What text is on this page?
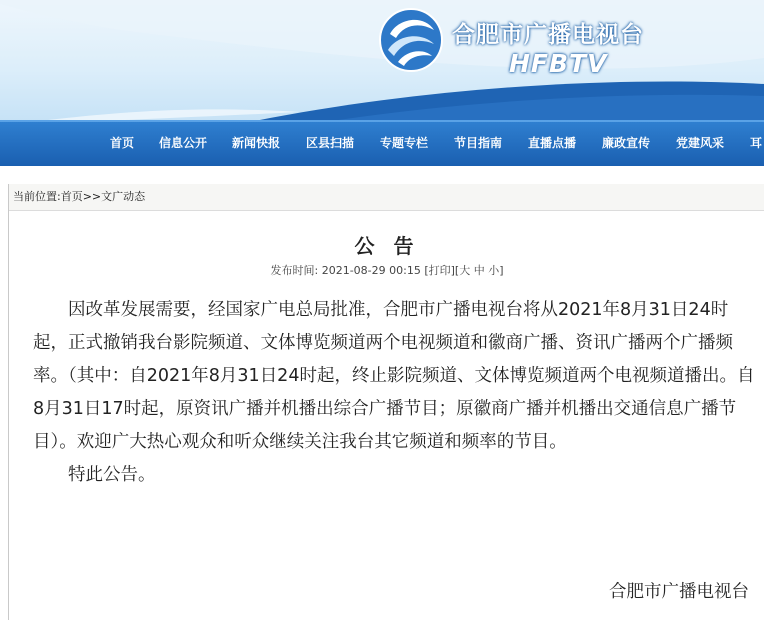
合肥市广播电视台
HFBTV
首页 信息公开 新闻快报 区县扫描 专题专栏 节目指南 直播点播 廉政宣传 党建风采 耳
当前位置:首页>>文广动态
公 告
发布时间: 2021-08-29 00:15 [打印][大 中 小]

因改革发展需要，经国家广电总局批准，合肥市广播电视台将从2021年8月31日24时起，正式撤销我台影院频道、文体博览频道两个电视频道和徽商广播、资讯广播两个广播频率。（其中：自2021年8月31日24时起，终止影院频道、文体博览频道两个电视频道播出。自8月31日17时起，原资讯广播并机播出综合广播节目；原徽商广播并机播出交通信息广播节目）。欢迎广大热心观众和听众继续关注我台其它频道和频率的节目。

特此公告。

合肥市广播电视台
